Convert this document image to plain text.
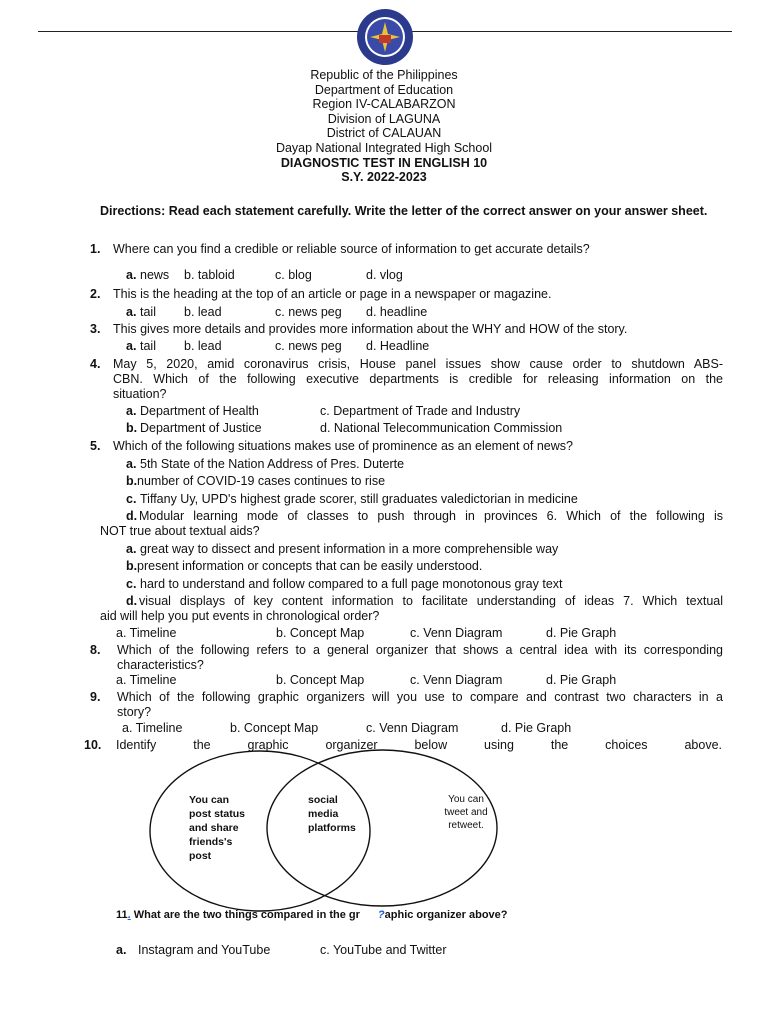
Republic of the Philippines
Department of Education
Region IV-CALABARZON
Division of LAGUNA
District of CALAUAN
Dayap National Integrated High School
DIAGNOSTIC TEST IN ENGLISH 10
S.Y. 2022-2023
Directions: Read each statement carefully. Write the letter of the correct answer on your answer sheet.
1. Where can you find a credible or reliable source of information to get accurate details?
a. news b. tabloid	c. blog	d. vlog
2. This is the heading at the top of an article or page in a newspaper or magazine.
a. tail b. lead	c. news peg d. headline
3. This gives more details and provides more information about the WHY and HOW of the story.
a. tail b. lead	c. news peg d. Headline
4. May 5, 2020, amid coronavirus crisis, House panel issues show cause order to shutdown ABS-
CBN. Which of the following executive departments is credible for releasing information on the
situation?
a. Department of Health	c. Department of Trade and Industry
b. Department of Justice	d. National Telecommunication Commission
5. Which of the following situations makes use of prominence as an element of news?
a. 5th State of the Nation Address of Pres. Duterte
b. number of COVID-19 cases continues to rise
c. Tiffany Uy, UPD's highest grade scorer, still graduates valedictorian in medicine
d. Modular learning mode of classes to push through in provinces 6. Which of the following is
NOT true about textual aids?
a. great way to dissect and present information in a more comprehensible way
b. present information or concepts that can be easily understood.
c. hard to understand and follow compared to a full page monotonous gray text
d. visual displays of key content information to facilitate understanding of ideas 7. Which textual
aid will help you put events in chronological order?
a. Timeline	b. Concept Map	c. Venn Diagram	d. Pie Graph
8. Which of the following refers to a general organizer that shows a central idea with its corresponding
characteristics?
a. Timeline	b. Concept Map	c. Venn Diagram	d. Pie Graph
9. Which of the following graphic organizers will you use to compare and contrast two characters in a
story?
a. Timeline	b. Concept Map	c. Venn Diagram	d. Pie Graph
10. Identify the graphic organizer below using the choices above.
You can
post status
and share
friends's
post
social
media
platforms
You can
tweet and
retweet.
11. What are the two things compared in the gr ?aphic organizer above?
a. Instagram and YouTube	c. YouTube and Twitter
